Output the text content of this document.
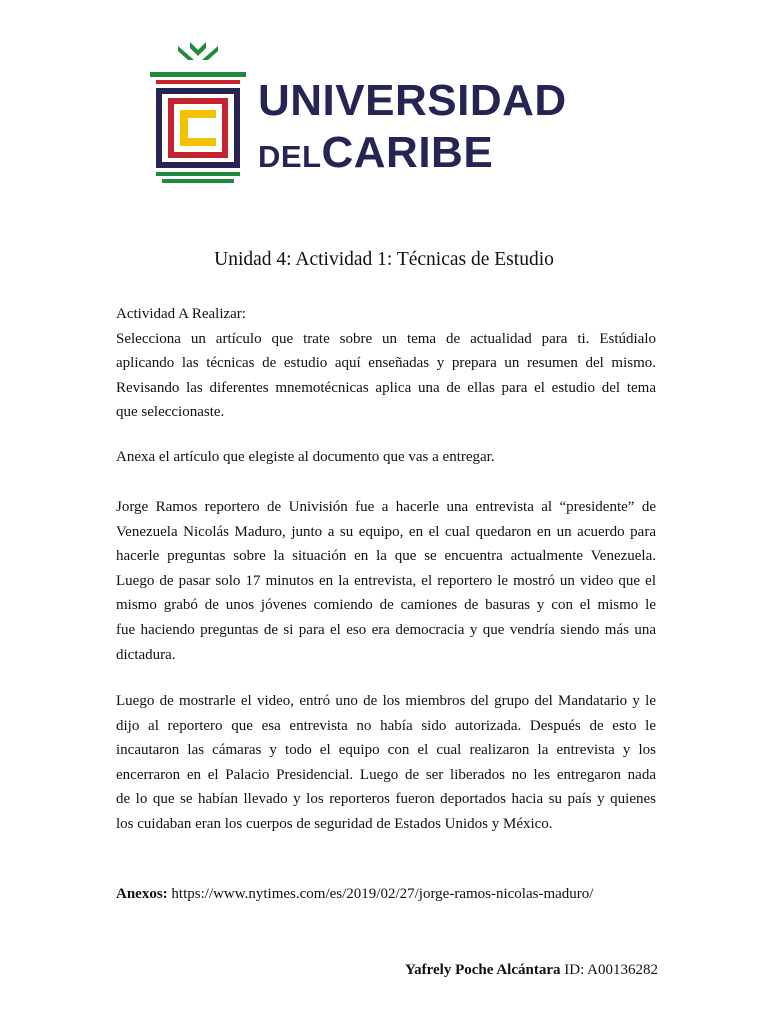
UNIVERSIDAD
DELCARIBE
Unidad 4: Actividad 1: Técnicas de Estudio
Actividad A Realizar:
Selecciona un artículo que trate sobre un tema de actualidad para ti. Estúdialo
aplicando las técnicas de estudio aquí enseñadas y prepara un resumen del mismo.
Revisando las diferentes mnemotécnicas aplica una de ellas para el estudio del tema
que seleccionaste.
Anexa el artículo que elegiste al documento que vas a entregar.
Jorge Ramos reportero de Univisión fue a hacerle una entrevista al “presidente” de
Venezuela Nicolás Maduro, junto a su equipo, en el cual quedaron en un acuerdo para
hacerle preguntas sobre la situación en la que se encuentra actualmente Venezuela.
Luego de pasar solo 17 minutos en la entrevista, el reportero le mostró un video que el
mismo grabó de unos jóvenes comiendo de camiones de basuras y con el mismo le
fue haciendo preguntas de si para el eso era democracia y que vendría siendo más una
dictadura.
Luego de mostrarle el video, entró uno de los miembros del grupo del Mandatario y le
dijo al reportero que esa entrevista no había sido autorizada. Después de esto le
incautaron las cámaras y todo el equipo con el cual realizaron la entrevista y los
encerraron en el Palacio Presidencial. Luego de ser liberados no les entregaron nada
de lo que se habían llevado y los reporteros fueron deportados hacia su país y quienes
los cuidaban eran los cuerpos de seguridad de Estados Unidos y México.
Anexos: https://www.nytimes.com/es/2019/02/27/jorge-ramos-nicolas-maduro/
Yafrely Poche Alcántara ID: A00136282
